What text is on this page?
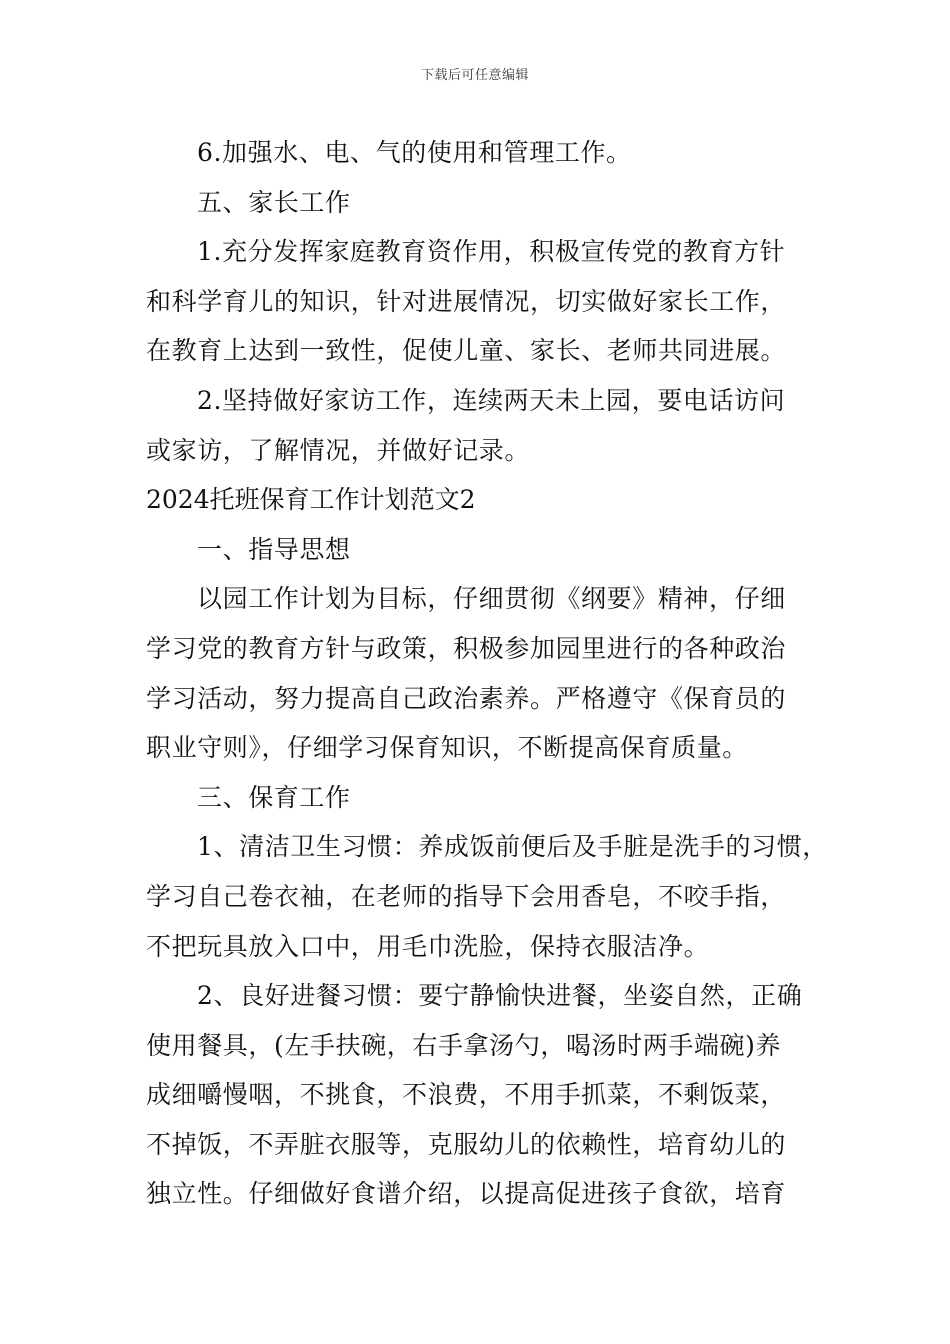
下载后可任意编辑
6.加强水、电、气的使用和管理工作。
五、家长工作
1.充分发挥家庭教育资作用，积极宣传党的教育方针
和科学育儿的知识，针对进展情况，切实做好家长工作，
在教育上达到一致性，促使儿童、家长、老师共同进展。
2.坚持做好家访工作，连续两天未上园，要电话访问
或家访，了解情况，并做好记录。
2024托班保育工作计划范文2
一、指导思想
以园工作计划为目标，仔细贯彻《纲要》精神，仔细
学习党的教育方针与政策，积极参加园里进行的各种政治
学习活动，努力提高自己政治素养。严格遵守《保育员的
职业守则》，仔细学习保育知识，不断提高保育质量。
三、保育工作
1、清洁卫生习惯：养成饭前便后及手脏是洗手的习惯，
学习自己卷衣袖，在老师的指导下会用香皂，不咬手指，
不把玩具放入口中，用毛巾洗脸，保持衣服洁净。
2、良好进餐习惯：要宁静愉快进餐，坐姿自然，正确
使用餐具，(左手扶碗，右手拿汤勺，喝汤时两手端碗)养
成细嚼慢咽，不挑食，不浪费，不用手抓菜，不剩饭菜，
不掉饭，不弄脏衣服等，克服幼儿的依赖性，培育幼儿的
独立性。仔细做好食谱介绍，以提高促进孩子食欲，培育
